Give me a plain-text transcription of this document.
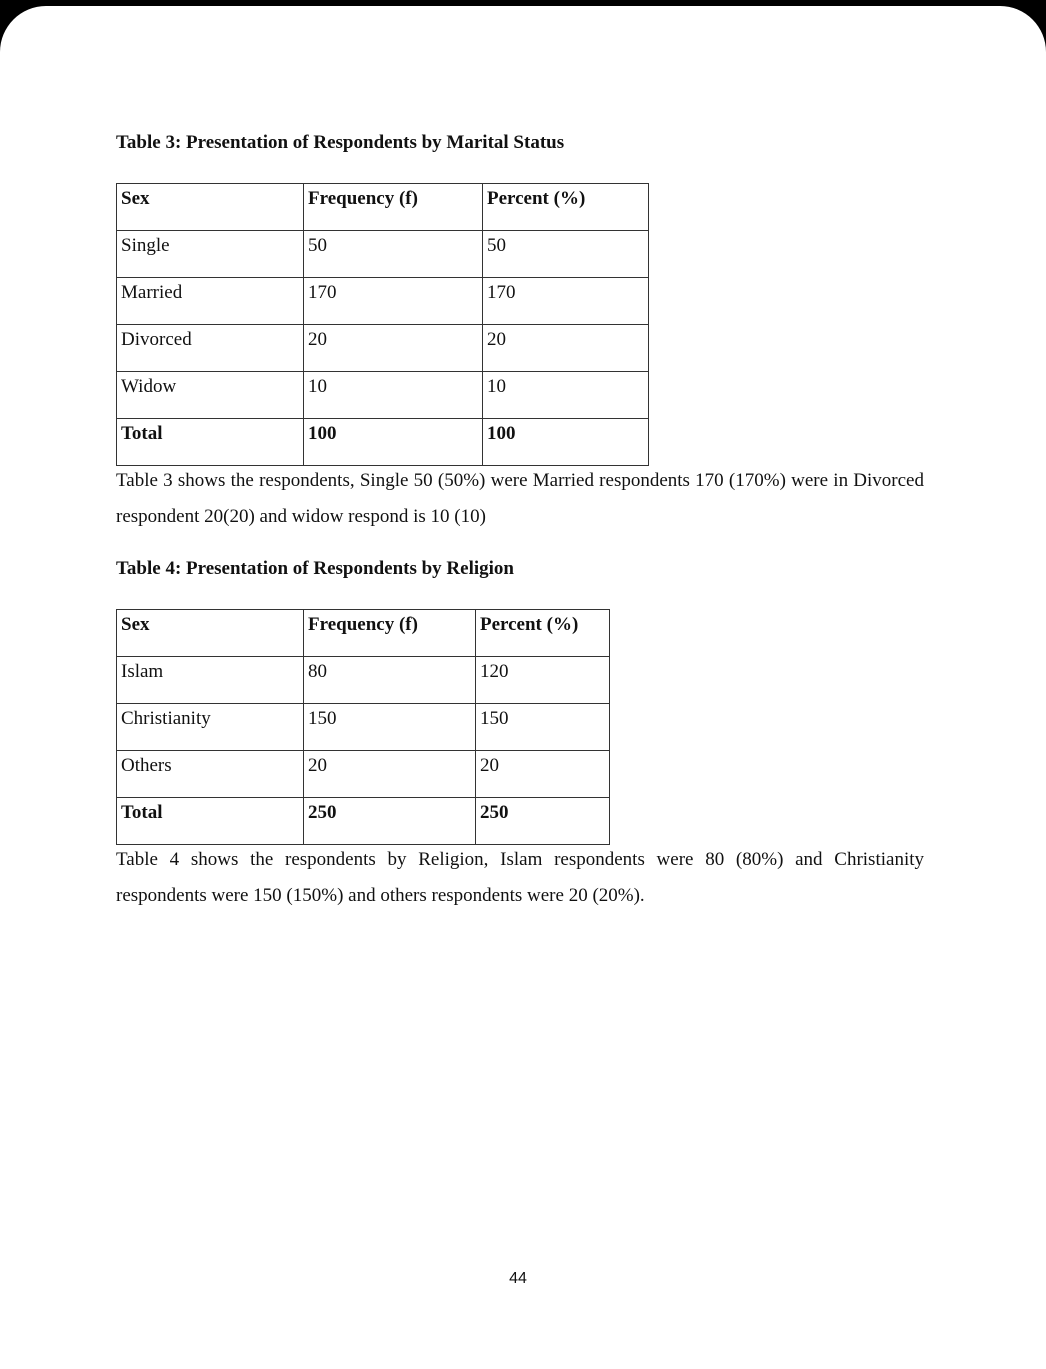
Table 3: Presentation of Respondents by Marital Status

Sex	Frequency (f)	Percent (%)
Single	50	50
Married	170	170
Divorced	20	20
Widow	10	10
Total	100	100

Table 3 shows the respondents, Single 50 (50%) were Married respondents 170 (170%) were in Divorced respondent 20(20) and widow respond is 10 (10)

Table 4: Presentation of Respondents by Religion

Sex	Frequency (f)	Percent (%)
Islam	80	120
Christianity	150	150
Others	20	20
Total	250	250

Table 4 shows the respondents by Religion, Islam respondents were 80 (80%) and Christianity respondents were 150 (150%) and others respondents were 20 (20%).

44
